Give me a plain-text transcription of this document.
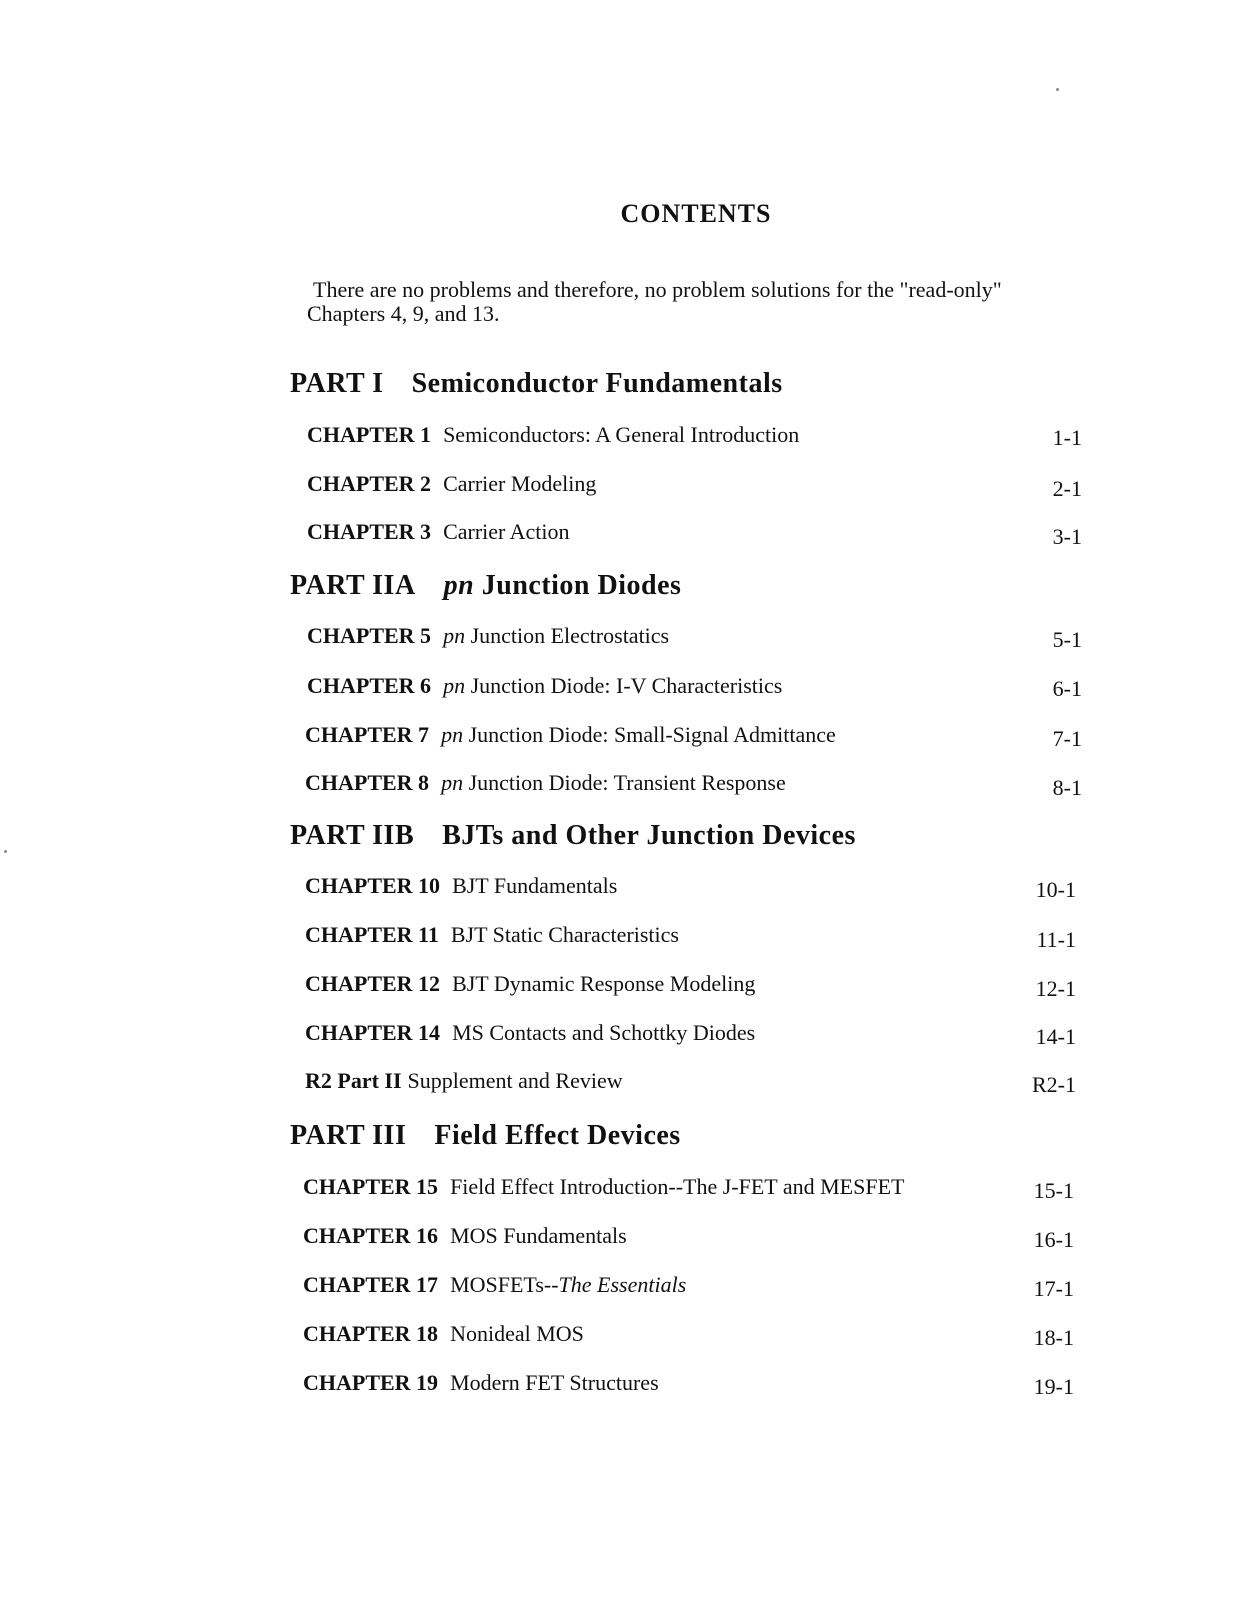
CONTENTS
There are no problems and therefore, no problem solutions for the "read-only"
Chapters 4, 9, and 13.
PART I Semiconductor Fundamentals
CHAPTER 1 Semiconductors: A General Introduction	1-1
CHAPTER 2 Carrier Modeling	2-1
CHAPTER 3 Carrier Action	3-1
PART IIA pn Junction Diodes
CHAPTER 5 pn Junction Electrostatics	5-1
CHAPTER 6 pn Junction Diode: I-V Characteristics	6-1
CHAPTER 7 pn Junction Diode: Small-Signal Admittance	7-1
CHAPTER 8 pn Junction Diode: Transient Response	8-1
PART IIB BJTs and Other Junction Devices
CHAPTER 10 BJT Fundamentals	10-1
CHAPTER 11 BJT Static Characteristics	11-1
CHAPTER 12 BJT Dynamic Response Modeling	12-1
CHAPTER 14 MS Contacts and Schottky Diodes	14-1
R2 Part II Supplement and Review	R2-1
PART III Field Effect Devices
CHAPTER 15 Field Effect Introduction--The J-FET and MESFET	15-1
CHAPTER 16 MOS Fundamentals	16-1
CHAPTER 17 MOSFETs--The Essentials	17-1
CHAPTER 18 Nonideal MOS	18-1
CHAPTER 19 Modern FET Structures	19-1
